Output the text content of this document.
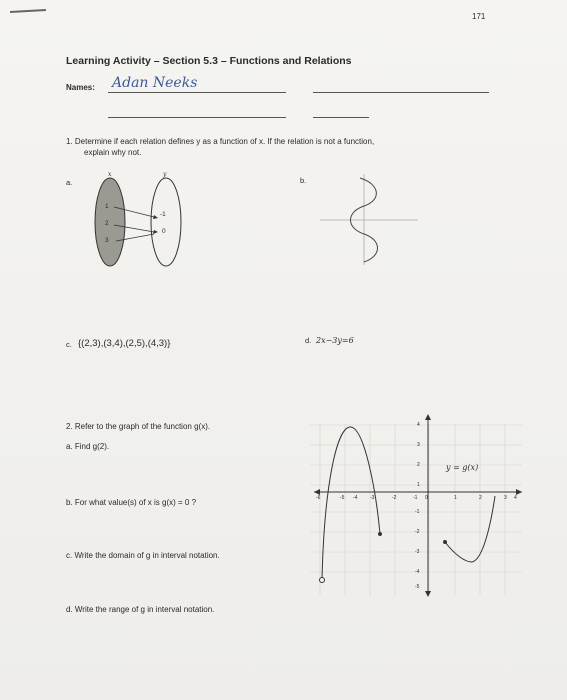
171
Learning Activity – Section 5.3 – Functions and Relations
Names: Adan Neeks
1. Determine if each relation defines y as a function of x. If the relation is not a function,
explain why not.
a.
x	y
1
2
3
-1
0
b.
c. {(2,3),(3,4),(2,5),(4,3)}	d. 2x−3y=6
2. Refer to the graph of the function g(x).
a. Find g(2).
b. For what value(s) of x is g(x) = 0 ?
c. Write the domain of g in interval notation.
d. Write the range of g in interval notation.
y = g(x)
-6	-5 -4	-3	-2	-1 0	1	2	3 4
4
3
2
1
-1
-2
-3
-4
-5
